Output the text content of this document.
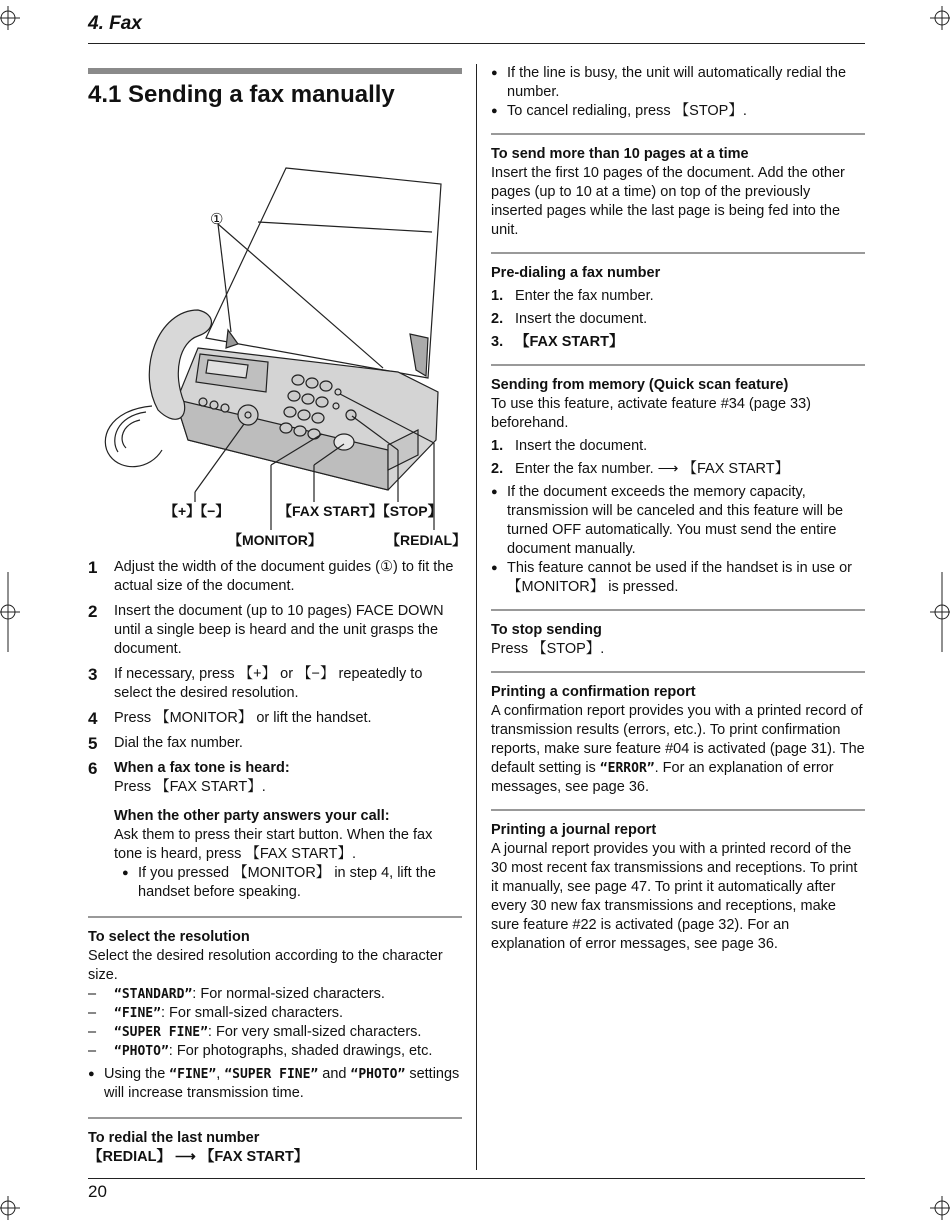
4. Fax
20
4.1 Sending a fax manually
①
【+】【−】	【FAX START】【STOP】
【MONITOR】	【REDIAL】
1	Adjust the width of the document guides (①) to fit the actual size of the document.

2	Insert the document (up to 10 pages) FACE DOWN until a single beep is heard and the unit grasps the document.

3	If necessary, press 【+】 or 【−】 repeatedly to select the desired resolution.

4	Press 【MONITOR】 or lift the handset.

5	Dial the fax number.

6	When a fax tone is heard:

Press 【FAX START】.

When the other party answers your call:

Ask them to press their start button. When the fax tone is heard, press 【FAX START】.

● If you pressed 【MONITOR】 in step 4, lift the handset before speaking.
To select the resolution

Select the desired resolution according to the character size.

–	“STANDARD”: For normal-sized characters.
–	“FINE”: For small-sized characters.
–	“SUPER FINE”: For very small-sized characters.
–	“PHOTO”: For photographs, shaded drawings, etc.
● Using the “FINE”, “SUPER FINE” and “PHOTO” settings will increase transmission time.
To redial the last number

【REDIAL】 ⟶ 【FAX START】

● If the line is busy, the unit will automatically redial the number.
● To cancel redialing, press 【STOP】.
To send more than 10 pages at a time

Insert the first 10 pages of the document. Add the other pages (up to 10 at a time) on top of the previously inserted pages while the last page is being fed into the unit.

Pre-dialing a fax number
1. Enter the fax number.
2. Insert the document.
3. 【FAX START】
Sending from memory (Quick scan feature)

To use this feature, activate feature #34 (page 33) beforehand.

1. Insert the document.
2. Enter the fax number. ⟶ 【FAX START】
● If the document exceeds the memory capacity, transmission will be canceled and this feature will be turned OFF automatically. You must send the entire document manually.
● This feature cannot be used if the handset is in use or 【MONITOR】 is pressed.
To stop sending

Press 【STOP】.

Printing a confirmation report

A confirmation report provides you with a printed record of transmission results (errors, etc.). To print confirmation reports, make sure feature #04 is activated (page 31). The default setting is “ERROR”. For an explanation of error messages, see page 36.

Printing a journal report

A journal report provides you with a printed record of the 30 most recent fax transmissions and receptions. To print it manually, see page 47. To print it automatically after every 30 new fax transmissions and receptions, make sure feature #22 is activated (page 32). For an explanation of error messages, see page 36.
